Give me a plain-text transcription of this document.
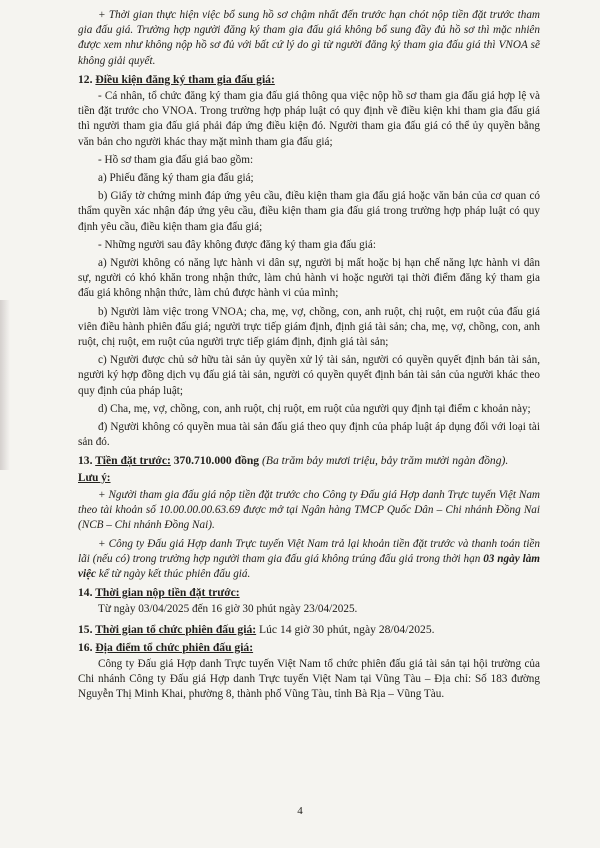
+ Thời gian thực hiện việc bổ sung hồ sơ chậm nhất đến trước hạn chót nộp tiền đặt trước tham gia đấu giá. Trường hợp người đăng ký tham gia đấu giá không bổ sung đầy đủ hồ sơ thì mặc nhiên được xem như không nộp hồ sơ đủ với bất cứ lý do gì từ người đăng ký tham gia đấu giá thì VNOA sẽ không giải quyết.

12. Điều kiện đăng ký tham gia đấu giá:

- Cá nhân, tổ chức đăng ký tham gia đấu giá thông qua việc nộp hồ sơ tham gia đấu giá hợp lệ và tiền đặt trước cho VNOA. Trong trường hợp pháp luật có quy định về điều kiện khi tham gia đấu giá thì người tham gia đấu giá phải đáp ứng điều kiện đó. Người tham gia đấu giá có thể ủy quyền bằng văn bản cho người khác thay mặt mình tham gia đấu giá;

- Hồ sơ tham gia đấu giá bao gồm:

a) Phiếu đăng ký tham gia đấu giá;

b) Giấy tờ chứng minh đáp ứng yêu cầu, điều kiện tham gia đấu giá hoặc văn bản của cơ quan có thẩm quyền xác nhận đáp ứng yêu cầu, điều kiện tham gia đấu giá trong trường hợp pháp luật có quy định yêu cầu, điều kiện tham gia đấu giá;

- Những người sau đây không được đăng ký tham gia đấu giá:

a) Người không có năng lực hành vi dân sự, người bị mất hoặc bị hạn chế năng lực hành vi dân sự, người có khó khăn trong nhận thức, làm chủ hành vi hoặc người tại thời điểm đăng ký tham gia đấu giá không nhận thức, làm chủ được hành vi của mình;

b) Người làm việc trong VNOA; cha, mẹ, vợ, chồng, con, anh ruột, chị ruột, em ruột của đấu giá viên điều hành phiên đấu giá; người trực tiếp giám định, định giá tài sản; cha, mẹ, vợ, chồng, con, anh ruột, chị ruột, em ruột của người trực tiếp giám định, định giá tài sản;

c) Người được chủ sở hữu tài sản ủy quyền xử lý tài sản, người có quyền quyết định bán tài sản, người ký hợp đồng dịch vụ đấu giá tài sản, người có quyền quyết định bán tài sản của người khác theo quy định của pháp luật;

d) Cha, mẹ, vợ, chồng, con, anh ruột, chị ruột, em ruột của người quy định tại điểm c khoản này;

đ) Người không có quyền mua tài sản đấu giá theo quy định của pháp luật áp dụng đối với loại tài sản đó.

13. Tiền đặt trước: 370.710.000 đồng (Ba trăm bảy mươi triệu, bảy trăm mười ngàn đồng).
Lưu ý:

+ Người tham gia đấu giá nộp tiền đặt trước cho Công ty Đấu giá Hợp danh Trực tuyến Việt Nam theo tài khoản số 10.00.00.00.63.69 được mở tại Ngân hàng TMCP Quốc Dân – Chi nhánh Đồng Nai (NCB – Chi nhánh Đồng Nai).

+ Công ty Đấu giá Hợp danh Trực tuyến Việt Nam trả lại khoản tiền đặt trước và thanh toán tiền lãi (nếu có) trong trường hợp người tham gia đấu giá không trúng đấu giá trong thời hạn 03 ngày làm việc kể từ ngày kết thúc phiên đấu giá.

14. Thời gian nộp tiền đặt trước:

Từ ngày 03/04/2025 đến 16 giờ 30 phút ngày 23/04/2025.

15. Thời gian tổ chức phiên đấu giá: Lúc 14 giờ 30 phút, ngày 28/04/2025.
16. Địa điểm tổ chức phiên đấu giá:

Công ty Đấu giá Hợp danh Trực tuyến Việt Nam tổ chức phiên đấu giá tài sản tại hội trường của Chi nhánh Công ty Đấu giá Hợp danh Trực tuyến Việt Nam tại Vũng Tàu – Địa chỉ: Số 183 đường Nguyễn Thị Minh Khai, phường 8, thành phố Vũng Tàu, tỉnh Bà Rịa – Vũng Tàu.

4
